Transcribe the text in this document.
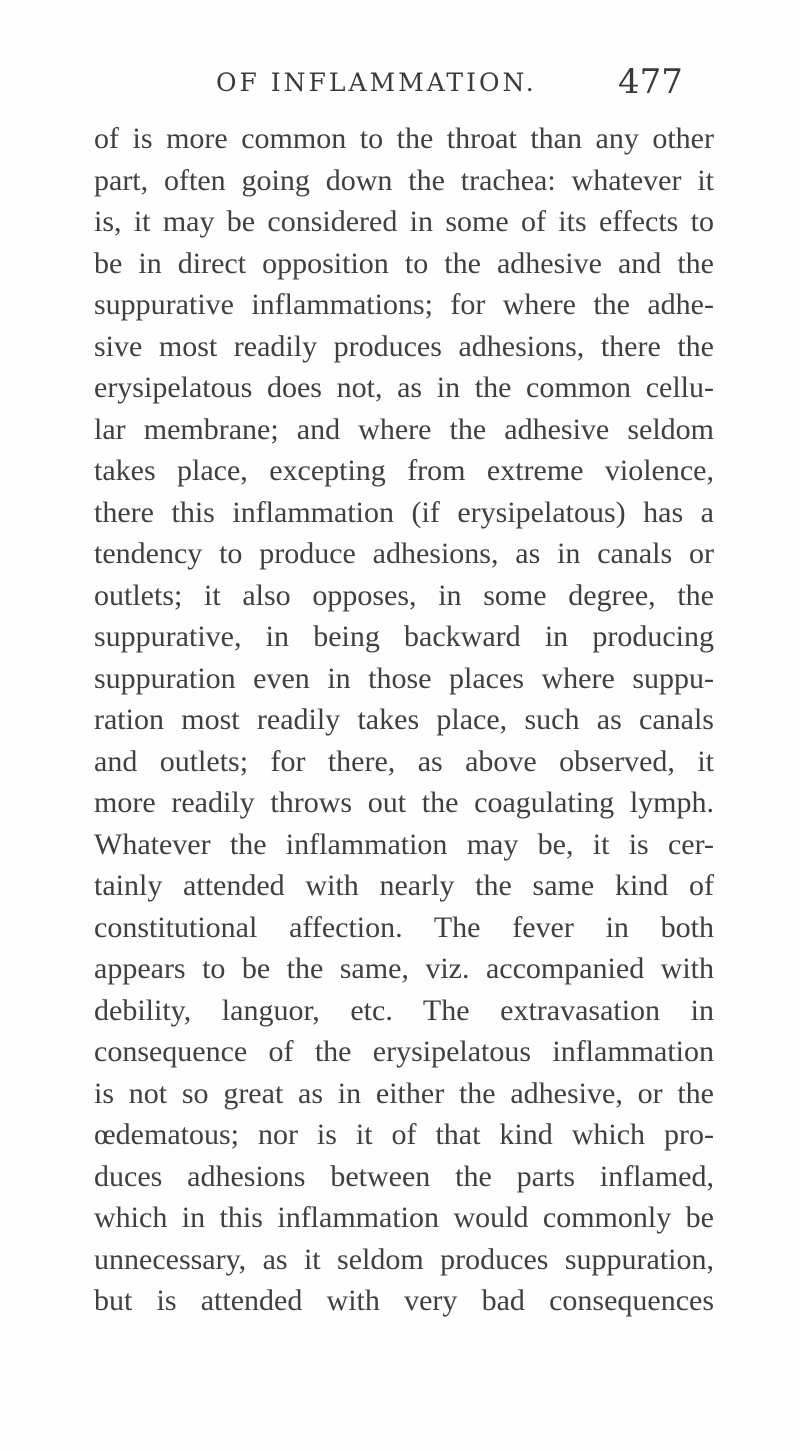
OF INFLAMMATION. 477
of is more common to the throat than any other
part, often going down the trachea: whatever it
is, it may be considered in some of its effects to
be in direct opposition to the adhesive and the
suppurative inflammations; for where the adhe-
sive most readily produces adhesions, there the
erysipelatous does not, as in the common cellu-
lar membrane; and where the adhesive seldom
takes place, excepting from extreme violence,
there this inflammation (if erysipelatous) has a
tendency to produce adhesions, as in canals or
outlets; it also opposes, in some degree, the
suppurative, in being backward in producing
suppuration even in those places where suppu-
ration most readily takes place, such as canals
and outlets; for there, as above observed, it
more readily throws out the coagulating lymph.
Whatever the inflammation may be, it is cer-
tainly attended with nearly the same kind of
constitutional affection. The fever in both
appears to be the same, viz. accompanied with
debility, languor, etc. The extravasation in
consequence of the erysipelatous inflammation
is not so great as in either the adhesive, or the
œdematous; nor is it of that kind which pro-
duces adhesions between the parts inflamed,
which in this inflammation would commonly be
unnecessary, as it seldom produces suppuration,
but is attended with very bad consequences
